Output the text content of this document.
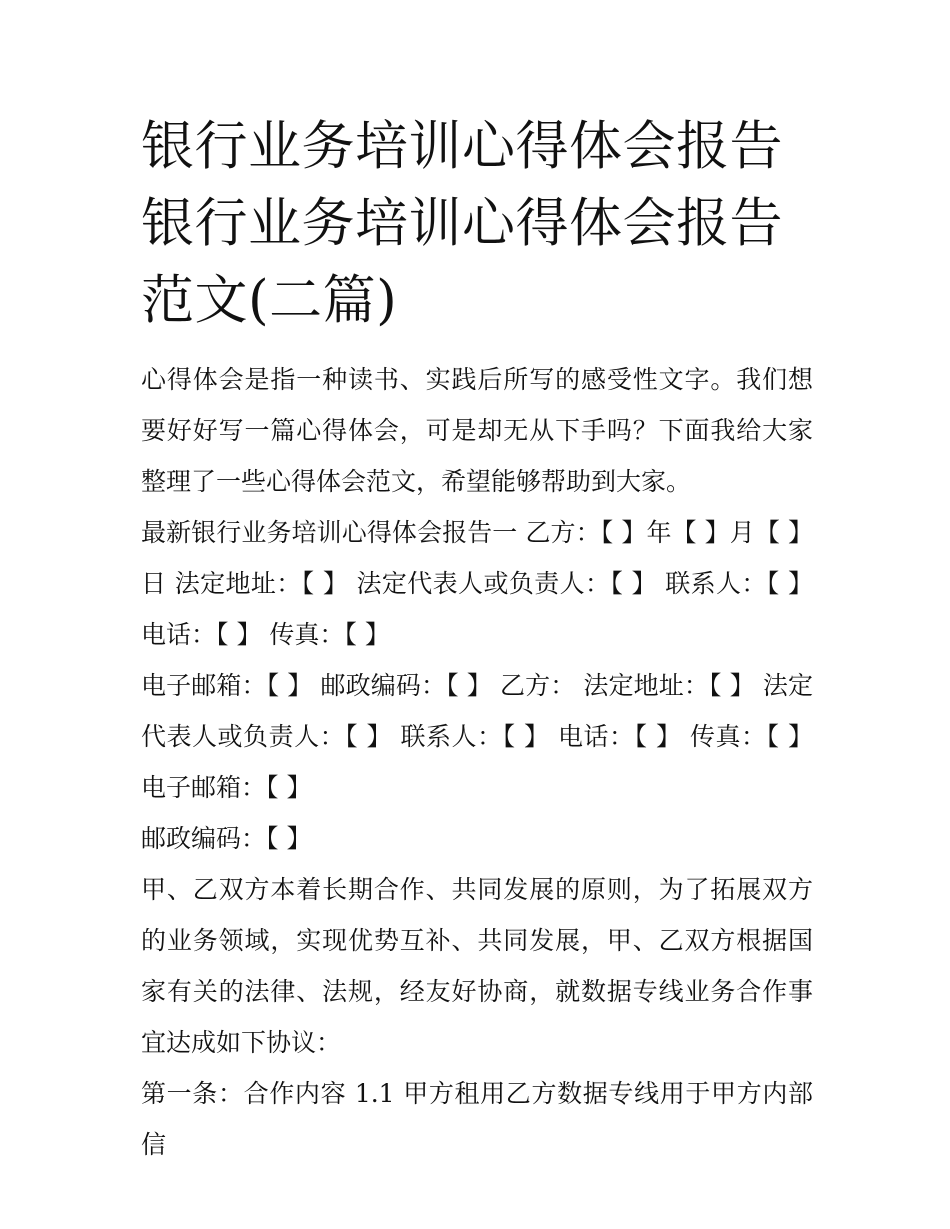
银行业务培训心得体会报告 银行业务培训心得体会报告范文(二篇)

心得体会是指一种读书、实践后所写的感受性文字。我们想要好好写一篇心得体会，可是却无从下手吗？下面我给大家整理了一些心得体会范文，希望能够帮助到大家。

最新银行业务培训心得体会报告一 乙方：【 】年【 】月【 】日 法定地址：【 】 法定代表人或负责人：【 】 联系人：【 】 电话：【 】 传真：【 】

电子邮箱：【 】 邮政编码：【 】 乙方： 法定地址：【 】 法定代表人或负责人：【 】 联系人：【 】 电话：【 】 传真：【 】 电子邮箱：【 】

邮政编码：【 】

甲、乙双方本着长期合作、共同发展的原则，为了拓展双方的业务领域，实现优势互补、共同发展，甲、乙双方根据国家有关的法律、法规，经友好协商，就数据专线业务合作事宜达成如下协议：

第一条：合作内容 1.1 甲方租用乙方数据专线用于甲方内部信
